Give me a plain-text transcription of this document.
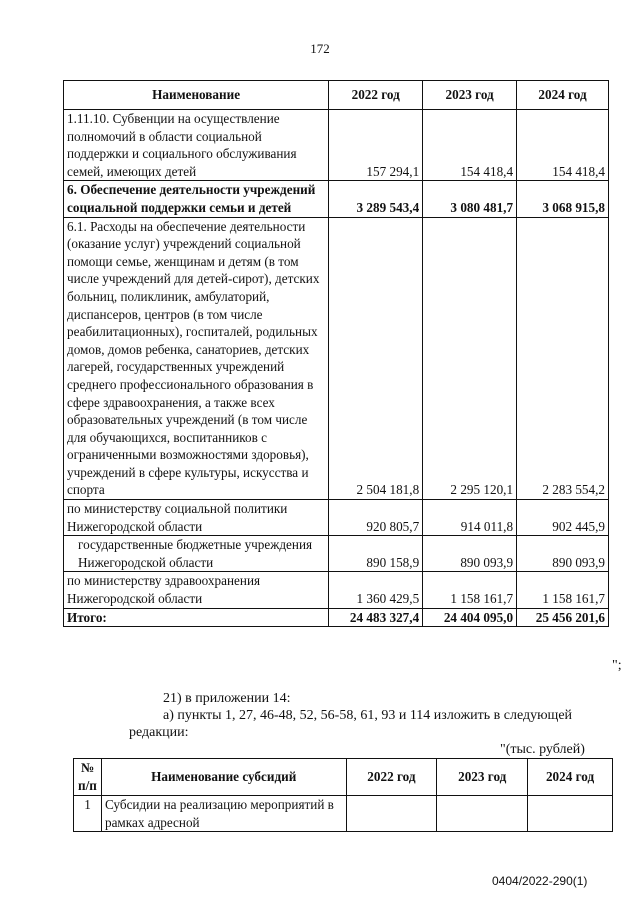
172
Наименование	2022 год	2023 год	2024 год
1.11.10. Субвенции на осуществление полномочий в области социальной поддержки и социального обслуживания семей, имеющих детей	157 294,1	154 418,4	154 418,4
6. Обеспечение деятельности учреждений социальной поддержки семьи и детей	3 289 543,4	3 080 481,7	3 068 915,8
6.1. Расходы на обеспечение деятельности (оказание услуг) учреждений социальной помощи семье, женщинам и детям (в том числе учреждений для детей-сирот), детских больниц, поликлиник, амбулаторий, диспансеров, центров (в том числе реабилитационных), госпиталей, родильных домов, домов ребенка, санаториев, детских лагерей, государственных учреждений среднего профессионального образования в сфере здравоохранения, а также всех образовательных учреждений (в том числе для обучающихся, воспитанников с ограниченными возможностями здоровья), учреждений в сфере культуры, искусства и спорта	2 504 181,8	2 295 120,1	2 283 554,2
по министерству социальной политики Нижегородской области	920 805,7	914 011,8	902 445,9
государственные бюджетные учреждения Нижегородской области	890 158,9	890 093,9	890 093,9
по министерству здравоохранения Нижегородской области	1 360 429,5	1 158 161,7	1 158 161,7
Итого:	24 483 327,4	24 404 095,0	25 456 201,6
";
21) в приложении 14:
а) пункты 1, 27, 46-48, 52, 56-58, 61, 93 и 114 изложить в следующей
редакции:
"(тыс. рублей)
№ п/п	Наименование субсидий	2022 год	2023 год	2024 год
1	Субсидии на реализацию мероприятий в рамках адресной			
0404/2022-290(1)
